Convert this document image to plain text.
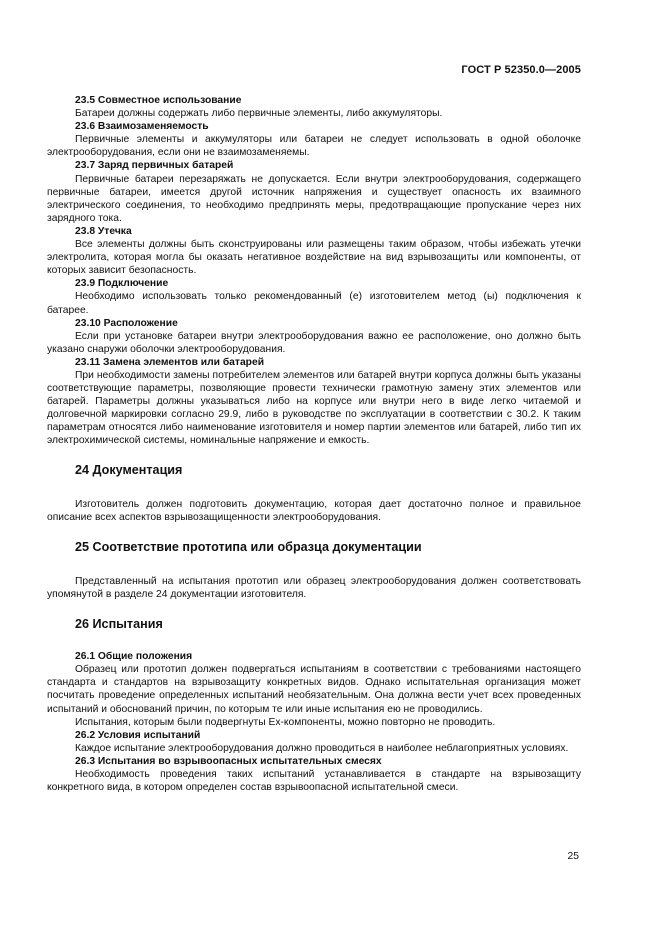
ГОСТ Р 52350.0—2005
23.5 Совместное использование

Батареи должны содержать либо первичные элементы, либо аккумуляторы.

23.6 Взаимозаменяемость

Первичные элементы и аккумуляторы или батареи не следует использовать в одной оболочке электрооборудования, если они не взаимозаменяемы.

23.7 Заряд первичных батарей

Первичные батареи перезаряжать не допускается. Если внутри электрооборудования, содержащего первичные батареи, имеется другой источник напряжения и существует опасность их взаимного электрического соединения, то необходимо предпринять меры, предотвращающие пропускание через них зарядного тока.

23.8 Утечка

Все элементы должны быть сконструированы или размещены таким образом, чтобы избежать утечки электролита, которая могла бы оказать негативное воздействие на вид взрывозащиты или компоненты, от которых зависит безопасность.

23.9 Подключение

Необходимо использовать только рекомендованный (е) изготовителем метод (ы) подключения к батарее.

23.10 Расположение

Если при установке батареи внутри электрооборудования важно ее расположение, оно должно быть указано снаружи оболочки электрооборудования.

23.11 Замена элементов или батарей

При необходимости замены потребителем элементов или батарей внутри корпуса должны быть указаны соответствующие параметры, позволяющие провести технически грамотную замену этих элементов или батарей. Параметры должны указываться либо на корпусе или внутри него в виде легко читаемой и долговечной маркировки согласно 29.9, либо в руководстве по эксплуатации в соответствии с 30.2. К таким параметрам относятся либо наименование изготовителя и номер партии элементов или батарей, либо тип их электрохимической системы, номинальные напряжение и емкость.

24 Документация

Изготовитель должен подготовить документацию, которая дает достаточно полное и правильное описание всех аспектов взрывозащищенности электрооборудования.

25 Соответствие прототипа или образца документации

Представленный на испытания прототип или образец электрооборудования должен соответствовать упомянутой в разделе 24 документации изготовителя.

26 Испытания
26.1 Общие положения

Образец или прототип должен подвергаться испытаниям в соответствии с требованиями настоящего стандарта и стандартов на взрывозащиту конкретных видов. Однако испытательная организация может посчитать проведение определенных испытаний необязательным. Она должна вести учет всех проведенных испытаний и обоснований причин, по которым те или иные испытания ею не проводились.

Испытания, которым были подвергнуты Ех-компоненты, можно повторно не проводить.

26.2 Условия испытаний

Каждое испытание электрооборудования должно проводиться в наиболее неблагоприятных условиях.

26.3 Испытания во взрывоопасных испытательных смесях

Необходимость проведения таких испытаний устанавливается в стандарте на взрывозащиту конкретного вида, в котором определен состав взрывоопасной испытательной смеси.

25
